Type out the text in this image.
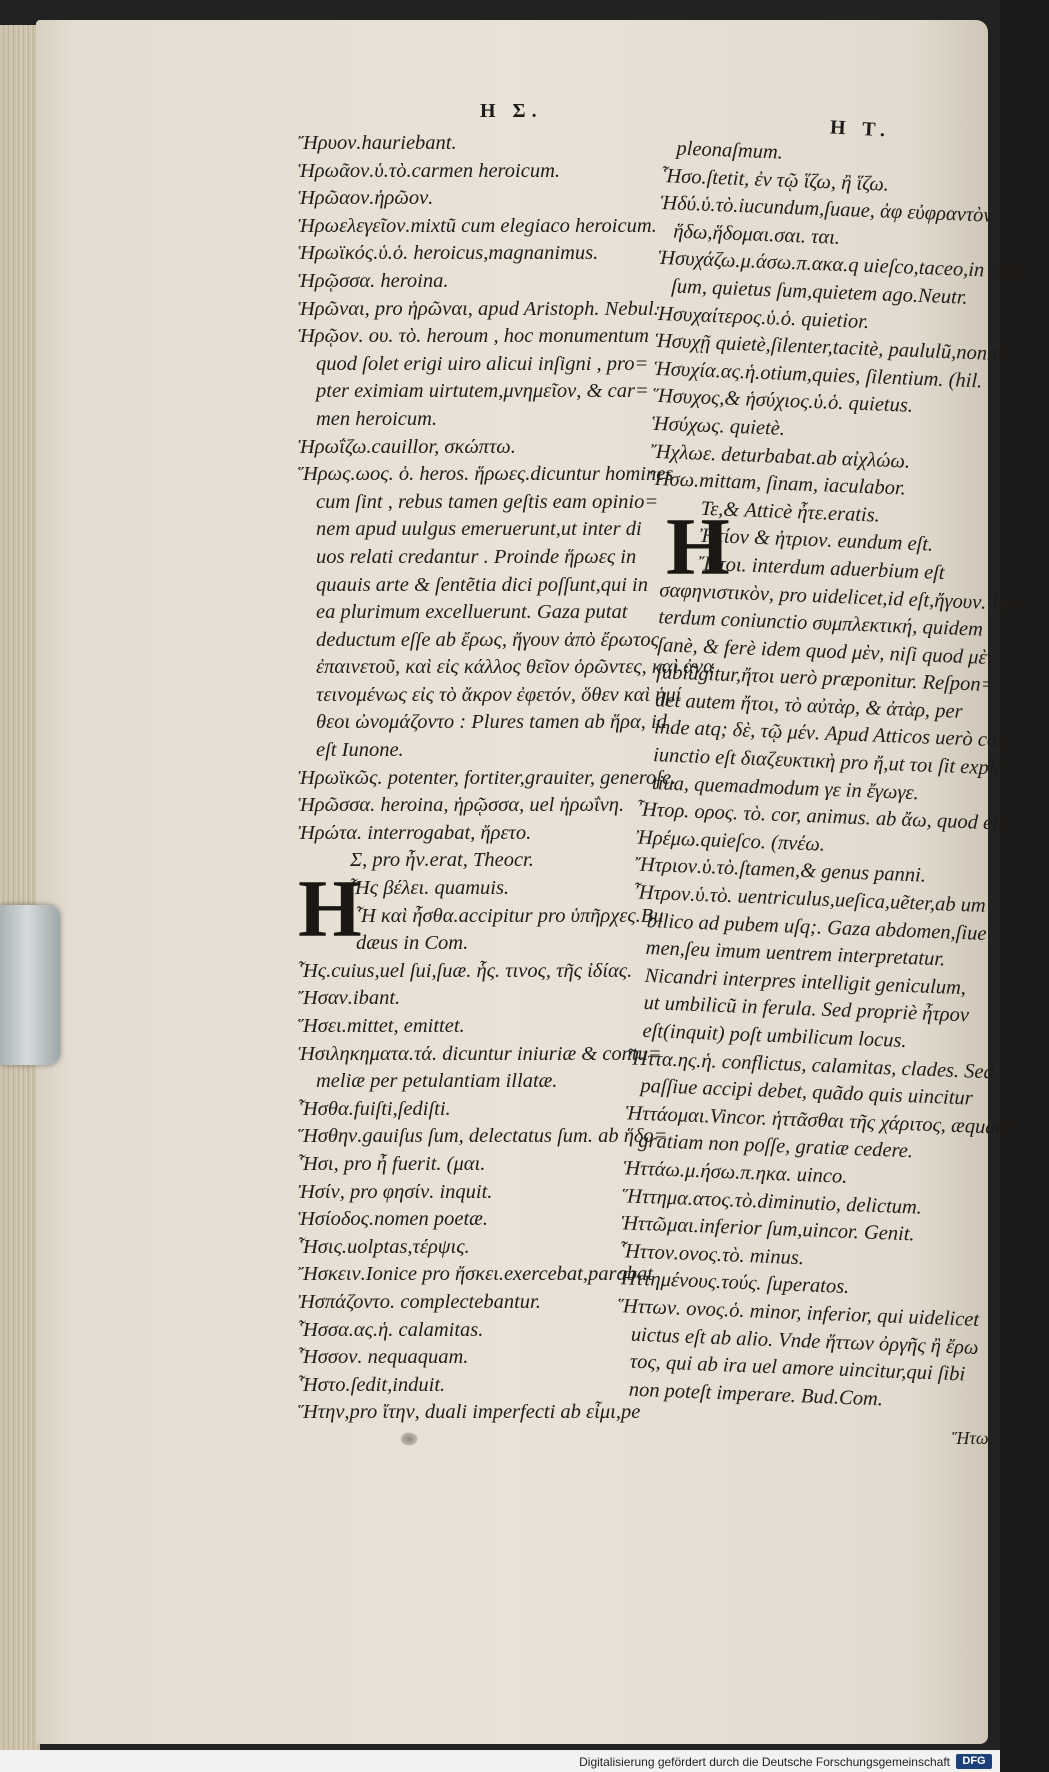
H Σ.
H T.
Ἤρυον.hauriebant.
Ἡρωᾶον.ὑ.τὸ.carmen heroicum.
Ἡρῶαον.ἡρῶον.
Ἡρωελεγεῖον.mixtũ cum elegiaco heroicum.
Ἡρωϊκός.ὑ.ὁ. heroicus,magnanimus.
Ἡρῷσσα. heroina.
Ἡρῶναι, pro ἡρῶναι, apud Aristoph. Nebul.
Ἡρῷον. ου. τὸ. heroum , hoc monumentum
quod ſolet erigi uiro alicui inſigni , pro=
pter eximiam uirtutem,μνημεῖον, & car=
men heroicum.
Ἡρωΐζω.cauillor, σκώπτω.
Ἥρως.ωος. ὁ. heros. ἥρωες.dicuntur homines
cum ſint , rebus tamen geſtis eam opinio=
nem apud uulgus emeruerunt,ut inter di
uos relati credantur . Proinde ἥρωες in
quauis arte & ſentẽtia dici poſſunt,qui in
ea plurimum excelluerunt. Gaza putat
deductum eſſe ab ἔρως, ἤγουν ἀπὸ ἔρωτος
ἐπαινετοῦ, καὶ εἰς κάλλος θεῖον ὁρῶντες, καὶ ἀνα
τεινομένως εἰς τὸ ἄκρον ἐφετόν, ὅθεν καὶ ἡμί
θεοι ὠνομάζοντο : Plures tamen ab ἥρα, id
eſt Iunone.
Ἡρωϊκῶς. potenter, fortiter,grauiter, generoſe.
Ἡρῶσσα. heroina, ἡρῷσσα, uel ἡρωΐνη.
Ἠρώτα. interrogabat, ἤρετο.
Σ, pro ἦν.erat, Theocr.
Ἧς βέλει. quamuis.
Ἧ καὶ ἦσθα.accipitur pro ὑπῆρχες.Bu
dæus in Com.
Ἧς.cuius,uel ſui,ſuæ. ἧς. τινος, τῆς ἰδίας.
Ἤσαν.ibant.
Ἥσει.mittet, emittet.
Ἡσιληκηματα.τά. dicuntur iniuriæ & contu=
meliæ per petulantiam illatæ.
Ἧσθα.fuiſti,ſediſti.
Ἥσθην.gauiſus ſum, delectatus ſum. ab ἥδο=
Ἧσι, pro ἦ fuerit. (μαι.
Ἠσίν, pro φησίν. inquit.
Ἡσίοδος.nomen poetæ.
Ἧσις.uolptas,τέρψις.
Ἤσκειν.Ionice pro ἤσκει.exercebat,parabat
Ἠσπάζοντο. complectebantur.
Ἧσσα.ας.ἡ. calamitas.
Ἧσσον. nequaquam.
Ἧστο.ſedit,induit.
Ἥτην,pro ἴτην, duali imperfecti ab εἶμι,pe
pleonaſmum.
Ἧσο.ſtetit, ἐν τῷ ἵζω, ἢ ἵζω.
Ἡδύ.ὑ.τὸ.iucundum,ſuaue, ἀφ εὐφραντὸν
ἥδω,ἥδομαι.σαι. ται.
Ἡσυχάζω.μ.άσω.π.ακα.q uieſco,taceo,in otio
ſum, quietus ſum,quietem ago.Neutr.
Ἡσυχαίτερος.ὑ.ὁ. quietior.
Ἡσυχῇ quietè,ſilenter,tacitè, paululũ,nonnil
Ἡσυχία.ας.ἡ.otium,quies, ſilentium. (hil.
Ἥσυχος,& ἡσύχιος.ὑ.ὁ. quietus.
Ἡσύχως. quietè.
Ἤχλωε. deturbabat.ab αἰχλώω.
Ἥσω.mittam, ſinam, iaculabor.
Τε,& Atticè ἦτε.eratis.
Ἠτίον & ἠτριον. eundum eſt.
Ἤτοι. interdum aduerbium eſt
σαφηνιστικὸν, pro uidelicet,id eſt,ἤγουν. In=
terdum coniunctio συμπλεκτική, quidem
ſanè, & ferè idem quod μὲν, niſi quod μὲν
ſubiũgitur,ἤτοι uerò præponitur. Reſpon=
det autem ἤτοι, τὸ αὐτὰρ, & ἀτὰρ, per
inde atq; δὲ, τῷ μέν. Apud Atticos uerò con
iunctio eſt διαζευκτικὴ pro ἤ,ut τοι ſit exple
tiua, quemadmodum γε in ἔγωγε.
Ἦτορ. ορος. τὸ. cor, animus. ab ἄω, quod eſt
Ἠρέμω.quieſco. (πνέω.
Ἤτριον.ὑ.τὸ.ſtamen,& genus panni.
Ἦτρον.ὑ.τὸ. uentriculus,ueſica,uẽter,ab um
bilico ad pubem uſq;. Gaza abdomen,ſiue
men,ſeu imum uentrem interpretatur.
Nicandri interpres intelligit geniculum,
ut umbilicũ in ferula. Sed propriè ἦτρον
eſt(inquit) poſt umbilicum locus.
Ἧττα.ης.ἡ. conflictus, calamitas, clades. Sed
paſſiue accipi debet, quãdo quis uincitur
Ἡττάομαι.Vincor. ἡττᾶσθαι τῆς χάριτος, æquare
gratiam non poſſe, gratiæ cedere.
Ἡττάω.μ.ήσω.π.ηκα. uinco.
Ἥττημα.ατος.τὸ.diminutio, delictum.
Ἡττῶμαι.inferior ſum,uincor. Genit.
Ἧττον.ονος.τὸ. minus.
Ἡττημένους.τούς. ſuperatos.
Ἥττων. ονος.ὁ. minor, inferior, qui uidelicet
uictus eſt ab alio. Vnde ἥττων ὀργῆς ἢ ἔρω
τος, qui ab ira uel amore uincitur,qui ſibi
non poteſt imperare. Bud.Com.
H
H
Ἥτω.
Digitalisierung gefördert durch die Deutsche Forschungsgemeinschaft	DFG
